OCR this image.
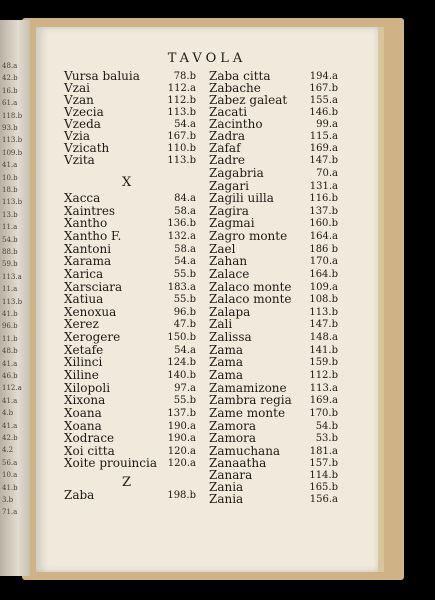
48.a
42.b
16.b
61.a
118.b
93.b
113.b
109.b
41.a
10.b
18.b
113.b
13.b
11.a
54.b
88.b
59.b
113.a
11.a
113.b
41.b
96.b
11.b
48.b
41.a
46.b
112.a
41.a
4.b
41.a
42.b
4.2
56.a
10.a
41.b
3.b
71.a
TAVOLA
Vursa baluia	78.b
Vzai	112.a
Vzan	112.b
Vzecia	113.b
Vzeda	54.a
Vzia	167.b
Vzicath	110.b
Vzita	113.b
X
Xacca	84.a
Xaintres	58.a
Xantho	136.b
Xantho F.	132.a
Xantoni	58.a
Xarama	54.a
Xarica	55.b
Xarsciara	183.a
Xatiua	55.b
Xenoxua	96.b
Xerez	47.b
Xerogere	150.b
Xetafe	54.a
Xilinci	124.b
Xiline	140.b
Xilopoli	97.a
Xixona	55.b
Xoana	137.b
Xoana	190.a
Xodrace	190.a
Xoi citta	120.a
Xoite prouincia 120.a
Z
Zaba	198.b
Zaba citta	194.a
Zabache	167.b
Zabez galeat 155.a
Zacati	146.b
Zacintho	99.a
Zadra	115.a
Zafaf	169.a
Zadre	147.b
Zagabria	70.a
Zagari	131.a
Zagili uilla	116.b
Zagira	137.b
Zagmai	160.b
Zagro monte 164.a
Zael	186 b
Zahan	170.a
Zalace	164.b
Zalaco monte 109.a
Zalaco monte 108.b
Zalapa	113.b
Zali	147.b
Zalissa	148.a
Zama	141.b
Zama	159.b
Zama	112.b
Zamamizone 113.a
Zambra regia 169.a
Zame monte 170.b
Zamora	54.b
Zamora	53.b
Zamuchana	181.a
Zanaatha	157.b
Zanara	114.b
Zania	165.b
Zania	156.a
